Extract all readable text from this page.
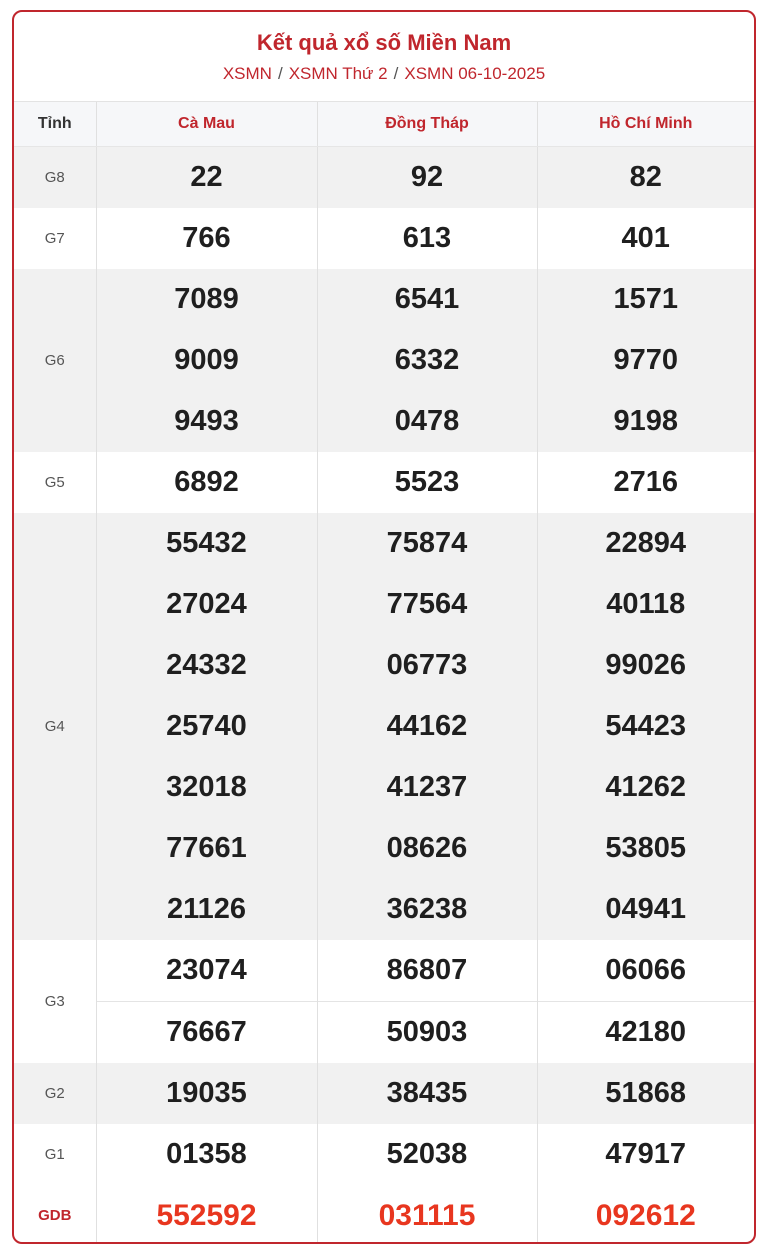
Kết quả xổ số Miền Nam
XSMN / XSMN Thứ 2 / XSMN 06-10-2025
Tỉnh	Cà Mau	Đồng Tháp	Hồ Chí Minh
G8	22	92	82
G7	766	613	401
G6	7089	6541	1571
	9009	6332	9770
	9493	0478	9198
G5	6892	5523	2716
G4	55432	75874	22894
	27024	77564	40118
	24332	06773	99026
	25740	44162	54423
	32018	41237	41262
	77661	08626	53805
	21126	36238	04941
G3	23074	86807	06066
	76667	50903	42180
G2	19035	38435	51868
G1	01358	52038	47917
GDB	552592	031115	092612
